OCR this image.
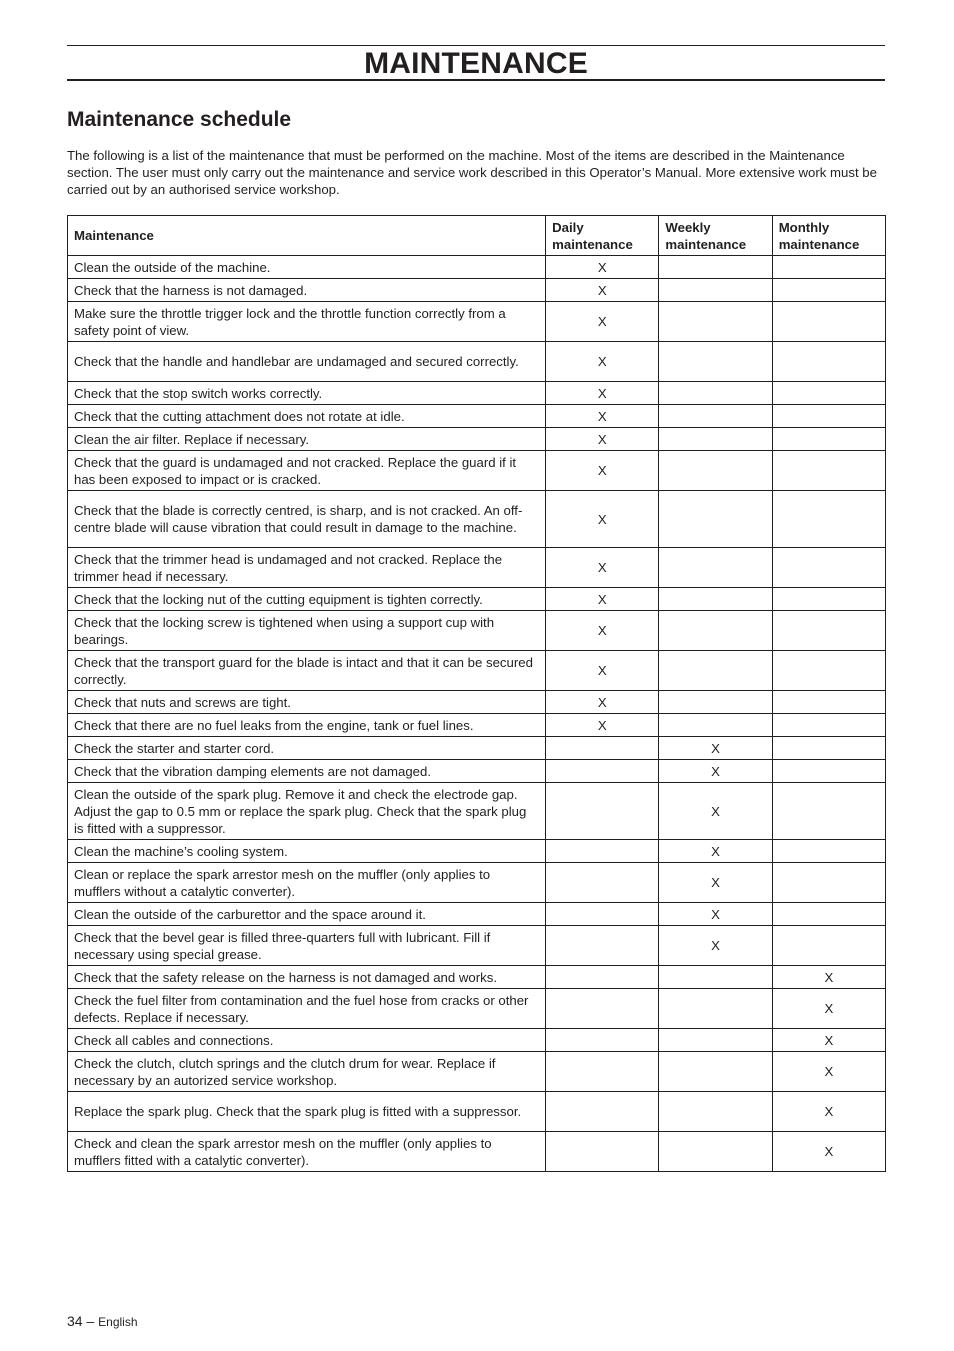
MAINTENANCE
Maintenance schedule

The following is a list of the maintenance that must be performed on the machine. Most of the items are described in the Maintenance section. The user must only carry out the maintenance and service work described in this Operator’s Manual. More extensive work must be carried out by an authorised service workshop.

Maintenance	Daily maintenance	Weekly maintenance	Monthly maintenance
Clean the outside of the machine.	X		
Check that the harness is not damaged.	X		
Make sure the throttle trigger lock and the throttle function correctly from a safety point of view.	X		
Check that the handle and handlebar are undamaged and secured correctly.	X		
Check that the stop switch works correctly.	X		
Check that the cutting attachment does not rotate at idle.	X		
Clean the air filter. Replace if necessary.	X		
Check that the guard is undamaged and not cracked. Replace the guard if it has been exposed to impact or is cracked.	X		
Check that the blade is correctly centred, is sharp, and is not cracked. An off-centre blade will cause vibration that could result in damage to the machine.	X		
Check that the trimmer head is undamaged and not cracked. Replace the trimmer head if necessary.	X		
Check that the locking nut of the cutting equipment is tighten correctly.	X		
Check that the locking screw is tightened when using a support cup with bearings.	X		
Check that the transport guard for the blade is intact and that it can be secured correctly.	X		
Check that nuts and screws are tight.	X		
Check that there are no fuel leaks from the engine, tank or fuel lines.	X		
Check the starter and starter cord.		X	
Check that the vibration damping elements are not damaged.		X	
Clean the outside of the spark plug. Remove it and check the electrode gap. Adjust the gap to 0.5 mm or replace the spark plug. Check that the spark plug is fitted with a suppressor.		X	
Clean the machine’s cooling system.		X	
Clean or replace the spark arrestor mesh on the muffler (only applies to mufflers without a catalytic converter).		X	
Clean the outside of the carburettor and the space around it.		X	
Check that the bevel gear is filled three-quarters full with lubricant. Fill if necessary using special grease.		X	
Check that the safety release on the harness is not damaged and works.			X
Check the fuel filter from contamination and the fuel hose from cracks or other defects. Replace if necessary.			X
Check all cables and connections.			X
Check the clutch, clutch springs and the clutch drum for wear. Replace if necessary by an autorized service workshop.			X
Replace the spark plug. Check that the spark plug is fitted with a suppressor.			X
Check and clean the spark arrestor mesh on the muffler (only applies to mufflers fitted with a catalytic converter).			X
34 – English
